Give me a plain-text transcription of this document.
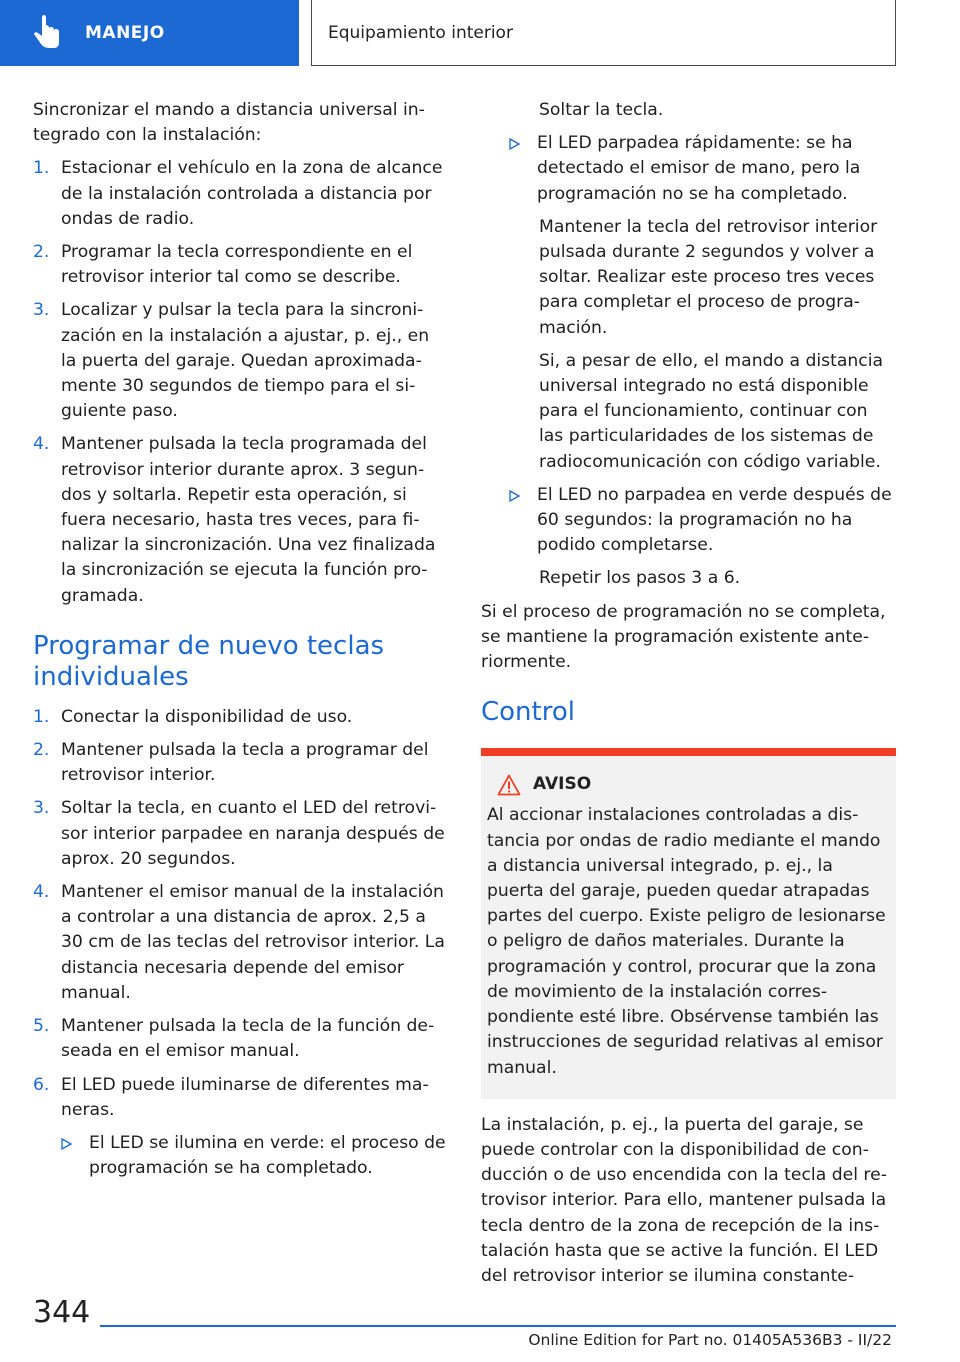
MANEJO	Equipamiento interior

Sincronizar el mando a distancia universal integrado con la instalación:

1. Estacionar el vehículo en la zona de alcance de la instalación controlada a distancia por ondas de radio.
2. Programar la tecla correspondiente en el retrovisor interior tal como se describe.
3. Localizar y pulsar la tecla para la sincronización en la instalación a ajustar, p. ej., en la puerta del garaje. Quedan aproximadamente 30 segundos de tiempo para el siguiente paso.
4. Mantener pulsada la tecla programada del retrovisor interior durante aprox. 3 segundos y soltarla. Repetir esta operación, si fuera necesario, hasta tres veces, para finalizar la sincronización. Una vez finalizada la sincronización se ejecuta la función programada.
Programar de nuevo teclas individuales
1. Conectar la disponibilidad de uso.
2. Mantener pulsada la tecla a programar del retrovisor interior.
3. Soltar la tecla, en cuanto el LED del retrovisor interior parpadee en naranja después de aprox. 20 segundos.
4. Mantener el emisor manual de la instalación a controlar a una distancia de aprox. 2,5 a 30 cm de las teclas del retrovisor interior. La distancia necesaria depende del emisor manual.
5. Mantener pulsada la tecla de la función deseada en el emisor manual.
6. El LED puede iluminarse de diferentes maneras.
El LED se ilumina en verde: el proceso de programación se ha completado.

Soltar la tecla.

El LED parpadea rápidamente: se ha detectado el emisor de mano, pero la programación no se ha completado.

Mantener la tecla del retrovisor interior pulsada durante 2 segundos y volver a soltar. Realizar este proceso tres veces para completar el proceso de programación.

Si, a pesar de ello, el mando a distancia universal integrado no está disponible para el funcionamiento, continuar con las particularidades de los sistemas de radiocomunicación con código variable.

El LED no parpadea en verde después de 60 segundos: la programación no ha podido completarse.

Repetir los pasos 3 a 6.

Si el proceso de programación no se completa, se mantiene la programación existente anteriormente.

Control
AVISO

Al accionar instalaciones controladas a distancia por ondas de radio mediante el mando a distancia universal integrado, p. ej., la puerta del garaje, pueden quedar atrapadas partes del cuerpo. Existe peligro de lesionarse o peligro de daños materiales. Durante la programación y control, procurar que la zona de movimiento de la instalación correspondiente esté libre. Obsérvense también las instrucciones de seguridad relativas al emisor manual.

La instalación, p. ej., la puerta del garaje, se puede controlar con la disponibilidad de conducción o de uso encendida con la tecla del retrovisor interior. Para ello, mantener pulsada la tecla dentro de la zona de recepción de la instalación hasta que se active la función. El LED del retrovisor interior se ilumina constante-

344
Online Edition for Part no. 01405A536B3 - II/22
